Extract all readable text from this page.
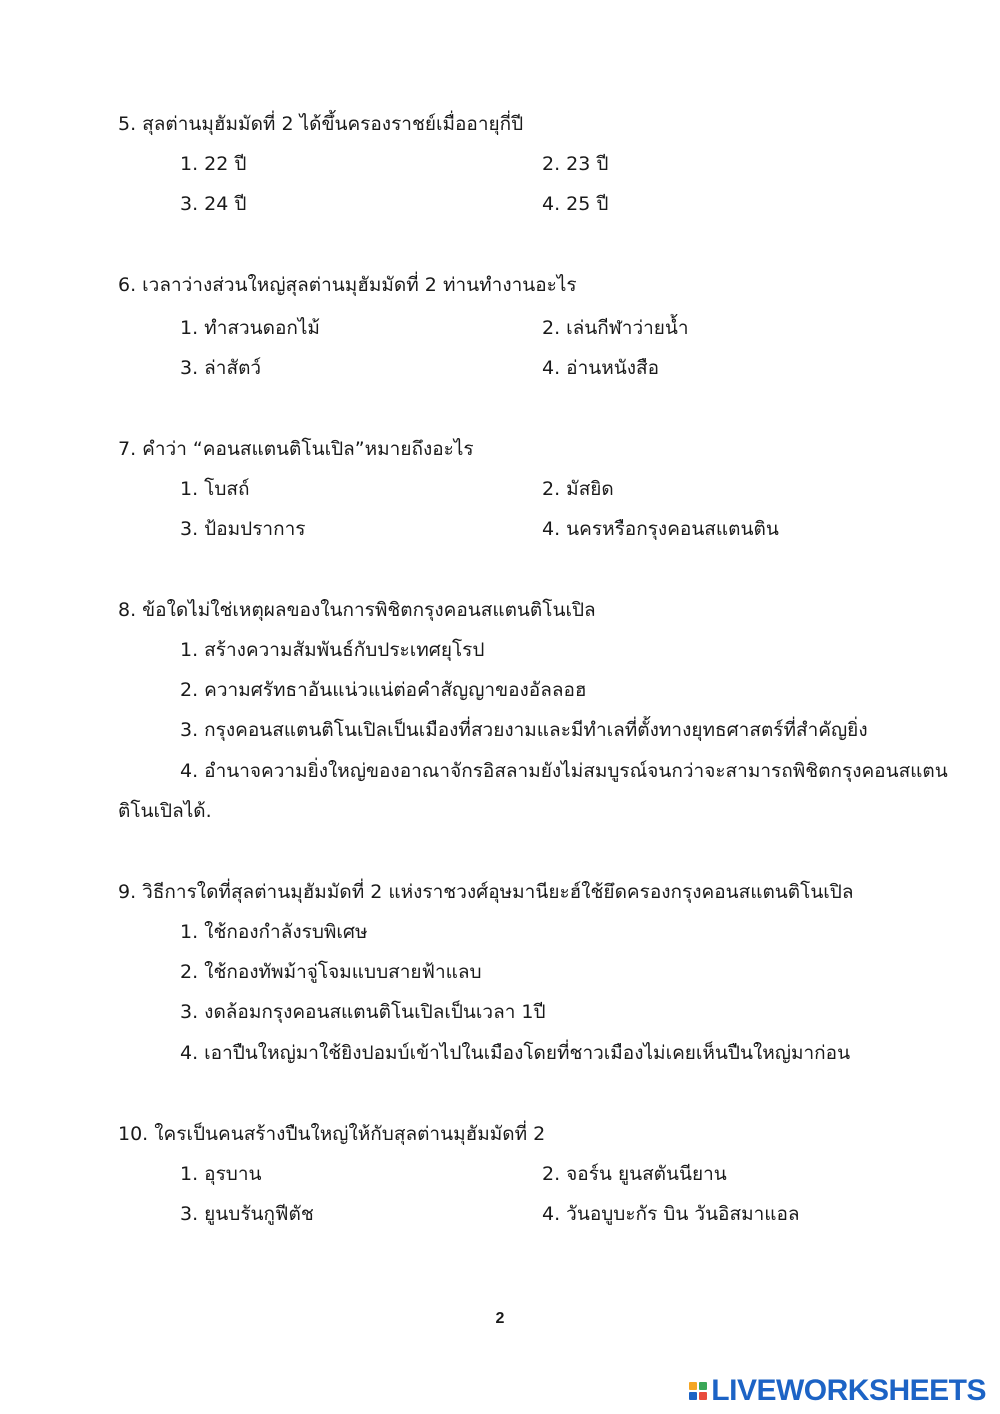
5. สุลต่านมุฮัมมัดที่ 2 ได้ขึ้นครองราชย์เมื่ออายุกี่ปี
1. 22 ปี	2. 23 ปี
3. 24 ปี	4. 25 ปี
6. เวลาว่างส่วนใหญ่สุลต่านมุฮัมมัดที่ 2 ท่านทำงานอะไร
1. ทำสวนดอกไม้	2. เล่นกีฬาว่ายน้ำ
3. ล่าสัตว์	4. อ่านหนังสือ
7. คำว่า “คอนสแตนติโนเปิล”หมายถึงอะไร
1. โบสถ์	2. มัสยิด
3. ป้อมปราการ	4. นครหรือกรุงคอนสแตนติน
8. ข้อใดไม่ใช่เหตุผลของในการพิชิตกรุงคอนสแตนติโนเปิล
1. สร้างความสัมพันธ์กับประเทศยุโรป
2. ความศรัทธาอันแน่วแน่ต่อคำสัญญาของอัลลอฮ
3. กรุงคอนสแตนติโนเปิลเป็นเมืองที่สวยงามและมีทำเลที่ตั้งทางยุทธศาสตร์ที่สำคัญยิ่ง
4. อำนาจความยิ่งใหญ่ของอาณาจักรอิสลามยังไม่สมบูรณ์จนกว่าจะสามารถพิชิตกรุงคอนสแตน
ติโนเปิลได้.
9. วิธีการใดที่สุลต่านมุฮัมมัดที่ 2 แห่งราชวงศ์อุษมานียะฮ์ใช้ยึดครองกรุงคอนสแตนติโนเปิล
1. ใช้กองกำลังรบพิเศษ
2. ใช้กองทัพม้าจู่โจมแบบสายฟ้าแลบ
3. งดล้อมกรุงคอนสแตนติโนเปิลเป็นเวลา 1ปี
4. เอาปืนใหญ่มาใช้ยิงปอมบ์เข้าไปในเมืองโดยที่ชาวเมืองไม่เคยเห็นปืนใหญ่มาก่อน
10. ใครเป็นคนสร้างปืนใหญ่ให้กับสุลต่านมุฮัมมัดที่ 2
1. อุรบาน	2. จอร์น ยูนสตันนียาน
3. ยูนบรันกูฟีตัช	4. วันอบูบะกัร บิน วันอิสมาแอล
2
LIVEWORKSHEETS
